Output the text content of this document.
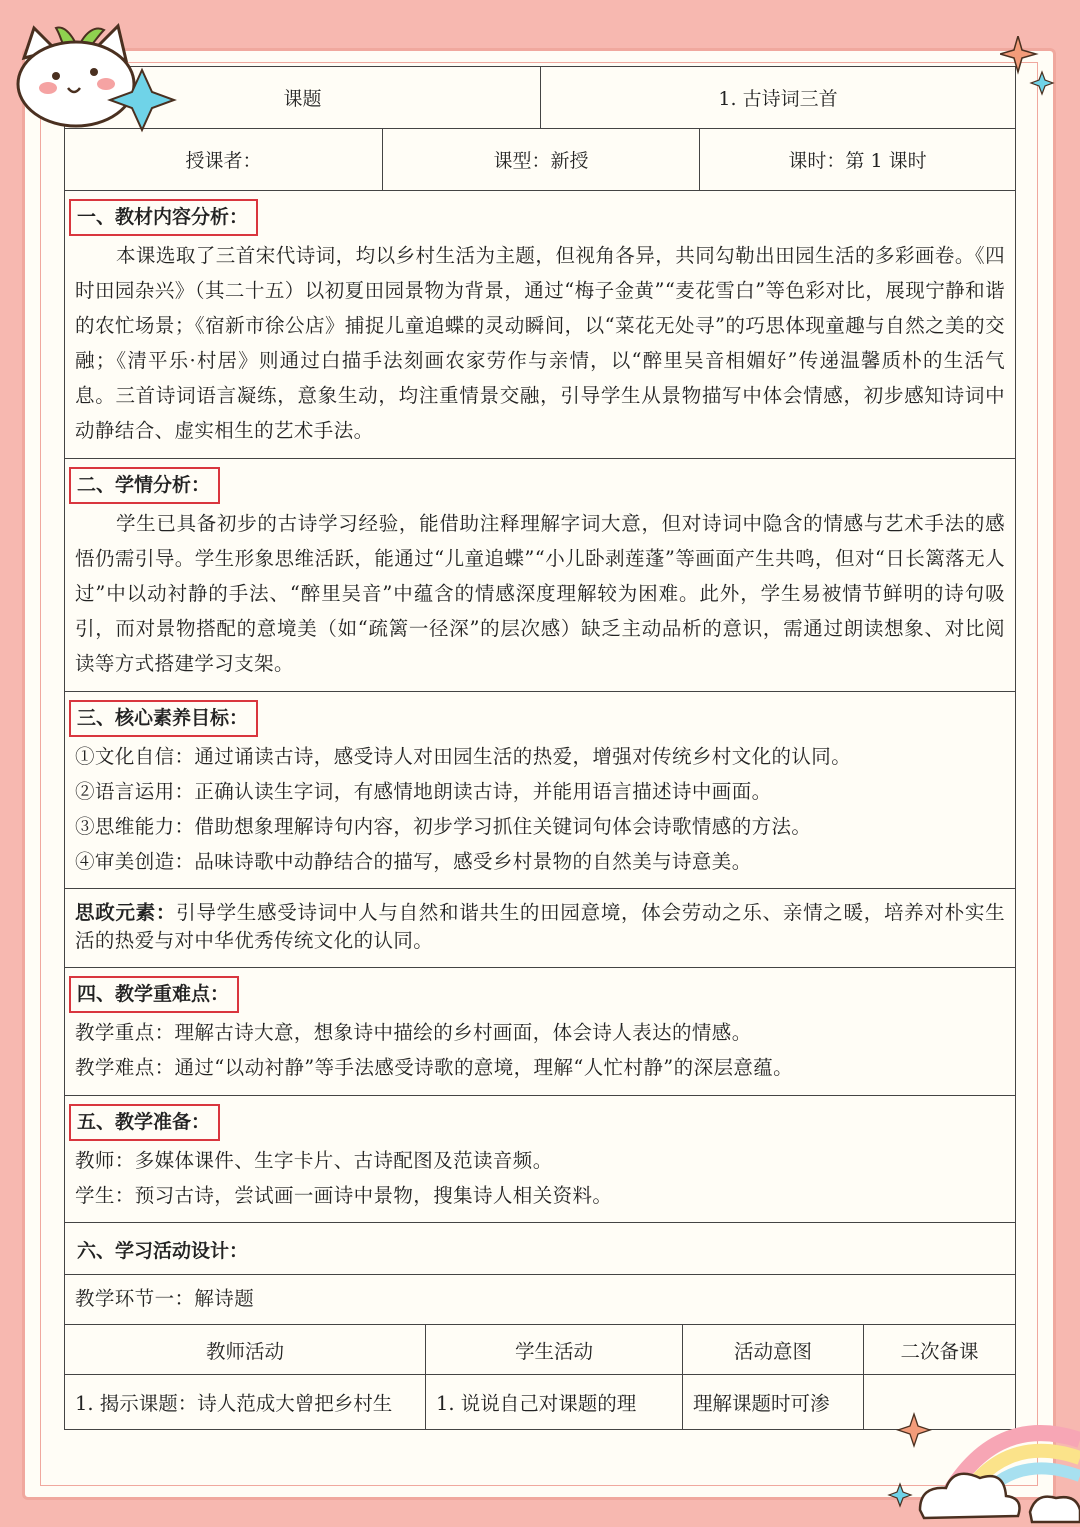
课题	1. 古诗词三首
授课者：	课型：新授	课时：第 1 课时
一、教材内容分析：
本课选取了三首宋代诗词，均以乡村生活为主题，但视角各异，共同勾勒出田园生活的多彩画卷。《四时田园杂兴》（其二十五）以初夏田园景物为背景，通过“梅子金黄”“麦花雪白”等色彩对比，展现宁静和谐的农忙场景；《宿新市徐公店》捕捉儿童追蝶的灵动瞬间，以“菜花无处寻”的巧思体现童趣与自然之美的交融；《清平乐·村居》则通过白描手法刻画农家劳作与亲情，以“醉里吴音相媚好”传递温馨质朴的生活气息。三首诗词语言凝练，意象生动，均注重情景交融，引导学生从景物描写中体会情感，初步感知诗词中动静结合、虚实相生的艺术手法。
二、学情分析：
学生已具备初步的古诗学习经验，能借助注释理解字词大意，但对诗词中隐含的情感与艺术手法的感悟仍需引导。学生形象思维活跃，能通过“儿童追蝶”“小儿卧剥莲蓬”等画面产生共鸣，但对“日长篱落无人过”中以动衬静的手法、“醉里吴音”中蕴含的情感深度理解较为困难。此外，学生易被情节鲜明的诗句吸引，而对景物搭配的意境美（如“疏篱一径深”的层次感）缺乏主动品析的意识，需通过朗读想象、对比阅读等方式搭建学习支架。
三、核心素养目标：
①文化自信：通过诵读古诗，感受诗人对田园生活的热爱，增强对传统乡村文化的认同。
②语言运用：正确认读生字词，有感情地朗读古诗，并能用语言描述诗中画面。
③思维能力：借助想象理解诗句内容，初步学习抓住关键词句体会诗歌情感的方法。
④审美创造：品味诗歌中动静结合的描写，感受乡村景物的自然美与诗意美。
思政元素：引导学生感受诗词中人与自然和谐共生的田园意境，体会劳动之乐、亲情之暖，培养对朴实生活的热爱与对中华优秀传统文化的认同。
四、教学重难点：
教学重点：理解古诗大意，想象诗中描绘的乡村画面，体会诗人表达的情感。
教学难点：通过“以动衬静”等手法感受诗歌的意境，理解“人忙村静”的深层意蕴。
五、教学准备：
教师：多媒体课件、生字卡片、古诗配图及范读音频。
学生：预习古诗，尝试画一画诗中景物，搜集诗人相关资料。
六、学习活动设计：
教学环节一：解诗题
教师活动	学生活动	活动意图	二次备课
1. 揭示课题：诗人范成大曾把乡村生	1. 说说自己对课题的理	理解课题时可渗
